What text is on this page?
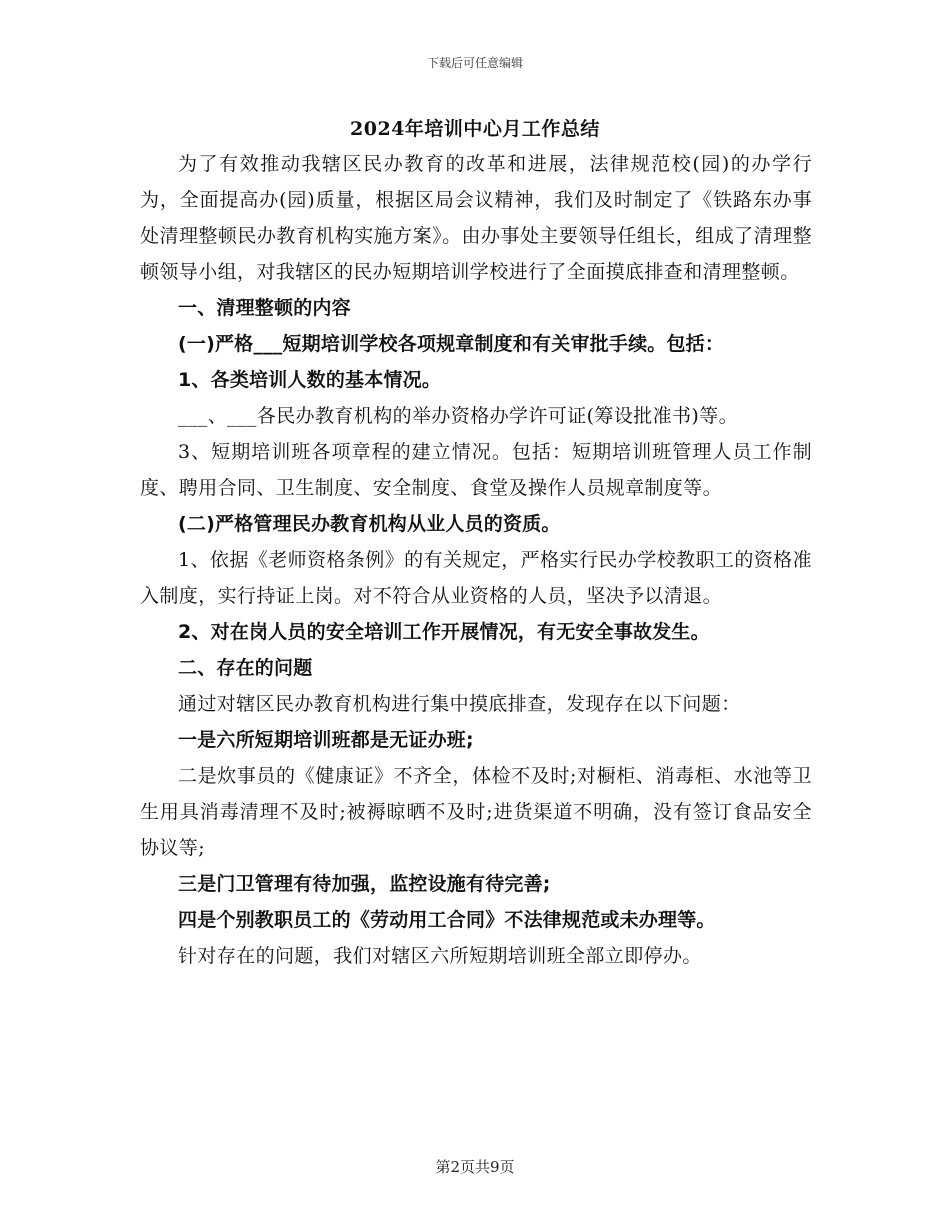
下载后可任意编辑
2024年培训中心月工作总结

为了有效推动我辖区民办教育的改革和进展，法律规范校(园)的办学行为，全面提高办(园)质量，根据区局会议精神，我们及时制定了《铁路东办事处清理整顿民办教育机构实施方案》。由办事处主要领导任组长，组成了清理整顿领导小组，对我辖区的民办短期培训学校进行了全面摸底排查和清理整顿。

一、清理整顿的内容

(一)严格___短期培训学校各项规章制度和有关审批手续。包括：

1、各类培训人数的基本情况。

___、___各民办教育机构的举办资格办学许可证(筹设批准书)等。

3、短期培训班各项章程的建立情况。包括：短期培训班管理人员工作制度、聘用合同、卫生制度、安全制度、食堂及操作人员规章制度等。

(二)严格管理民办教育机构从业人员的资质。

1、依据《老师资格条例》的有关规定，严格实行民办学校教职工的资格准入制度，实行持证上岗。对不符合从业资格的人员，坚决予以清退。

2、对在岗人员的安全培训工作开展情况，有无安全事故发生。

二、存在的问题

通过对辖区民办教育机构进行集中摸底排查，发现存在以下问题：

一是六所短期培训班都是无证办班;

二是炊事员的《健康证》不齐全，体检不及时;对橱柜、消毒柜、水池等卫生用具消毒清理不及时;被褥晾晒不及时;进货渠道不明确，没有签订食品安全协议等;

三是门卫管理有待加强，监控设施有待完善;

四是个别教职员工的《劳动用工合同》不法律规范或未办理等。

针对存在的问题，我们对辖区六所短期培训班全部立即停办。

第2页共9页
